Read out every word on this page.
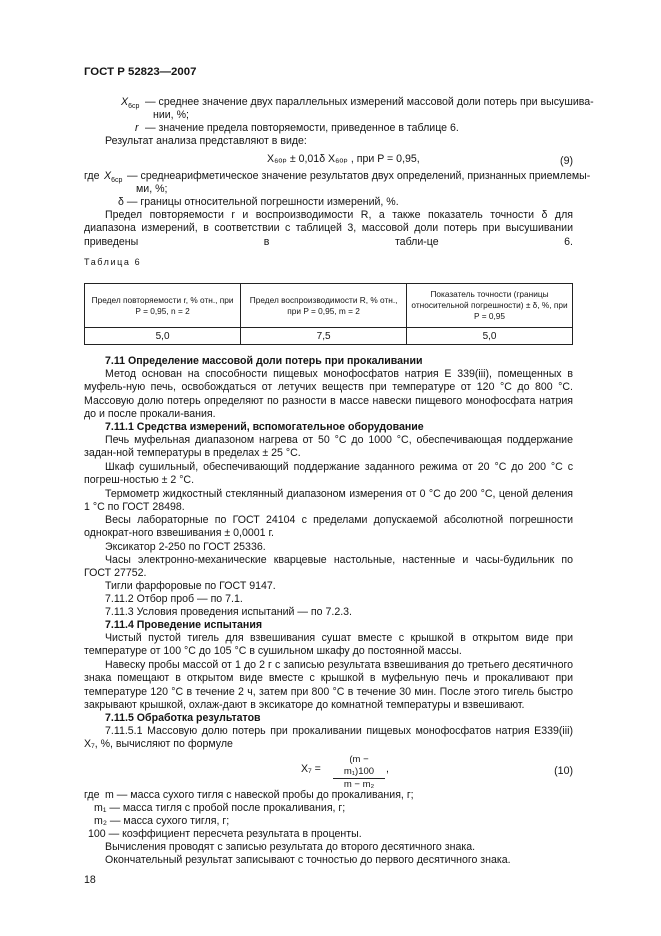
ГОСТ Р 52823—2007
$X_{6cp}$ — среднее значение двух параллельных измерений массовой доли потерь при высушива-
нии, %;
r — значение предела повторяемости, приведенное в таблице 6.
Результат анализа представляют в виде:
X₆ₒₚ ± 0,01δ X₆ₒₚ , при P = 0,95,	(9)
где $X_{6cp}$ — среднеарифметическое значение результатов двух определений, признанных приемлемы-
ми, %;
δ — границы относительной погрешности измерений, %.
Предел повторяемости r и воспроизводимости R, а также показатель точности δ для диапазона измерений, в соответствии с таблицей 3, массовой доли потерь при высушивании приведены в табли-це 6.
Таблица 6
Предел повторяемости r, % отн., при P = 0,95, n = 2	Предел воспроизводимости R, % отн., при P = 0,95, m = 2	Показатель точности (границы относительной погрешности) ± δ, %, при P = 0,95
5,0	7,5	5,0
7.11 Определение массовой доли потерь при прокаливании
Метод основан на способности пищевых монофосфатов натрия Е 339(iii), помещенных в муфель-ную печь, освобождаться от летучих веществ при температуре от 120 °С до 800 °С. Массовую долю потерь определяют по разности в массе навески пищевого монофосфата натрия до и после прокали-вания.
7.11.1 Средства измерений, вспомогательное оборудование
Печь муфельная диапазоном нагрева от 50 °С до 1000 °С, обеспечивающая поддержание задан-ной температуры в пределах ± 25 °С.
Шкаф сушильный, обеспечивающий поддержание заданного режима от 20 °С до 200 °С с погреш-ностью ± 2 °С.
Термометр жидкостный стеклянный диапазоном измерения от 0 °С до 200 °С, ценой деления 1 °С по ГОСТ 28498.
Весы лабораторные по ГОСТ 24104 с пределами допускаемой абсолютной погрешности однократ-ного взвешивания ± 0,0001 г.
Эксикатор 2-250 по ГОСТ 25336.
Часы электронно-механические кварцевые настольные, настенные и часы-будильник по ГОСТ 27752.
Тигли фарфоровые по ГОСТ 9147.
7.11.2 Отбор проб — по 7.1.
7.11.3 Условия проведения испытаний — по 7.2.3.
7.11.4 Проведение испытания
Чистый пустой тигель для взвешивания сушат вместе с крышкой в открытом виде при температуре от 100 °С до 105 °С в сушильном шкафу до постоянной массы.
Навеску пробы массой от 1 до 2 г с записью результата взвешивания до третьего десятичного знака помещают в открытом виде вместе с крышкой в муфельную печь и прокаливают при температуре 120 °С в течение 2 ч, затем при 800 °С в течение 30 мин. После этого тигель быстро закрывают крышкой, охлаж-дают в эксикаторе до комнатной температуры и взвешивают.
7.11.5 Обработка результатов
7.11.5.1 Массовую долю потерь при прокаливании пищевых монофосфатов натрия Е339(iii) X₇, %, вычисляют по формуле
$X_7 = \frac{\text{(m − m₁)100}}{\text{m − m₂}}$ ,	(10)
где m — масса сухого тигля с навеской пробы до прокаливания, г;
m₁ — масса тигля с пробой после прокаливания, г;
m₂ — масса сухого тигля, г;
100 — коэффициент пересчета результата в проценты.
Вычисления проводят с записью результата до второго десятичного знака.
Окончательный результат записывают с точностью до первого десятичного знака.
18
